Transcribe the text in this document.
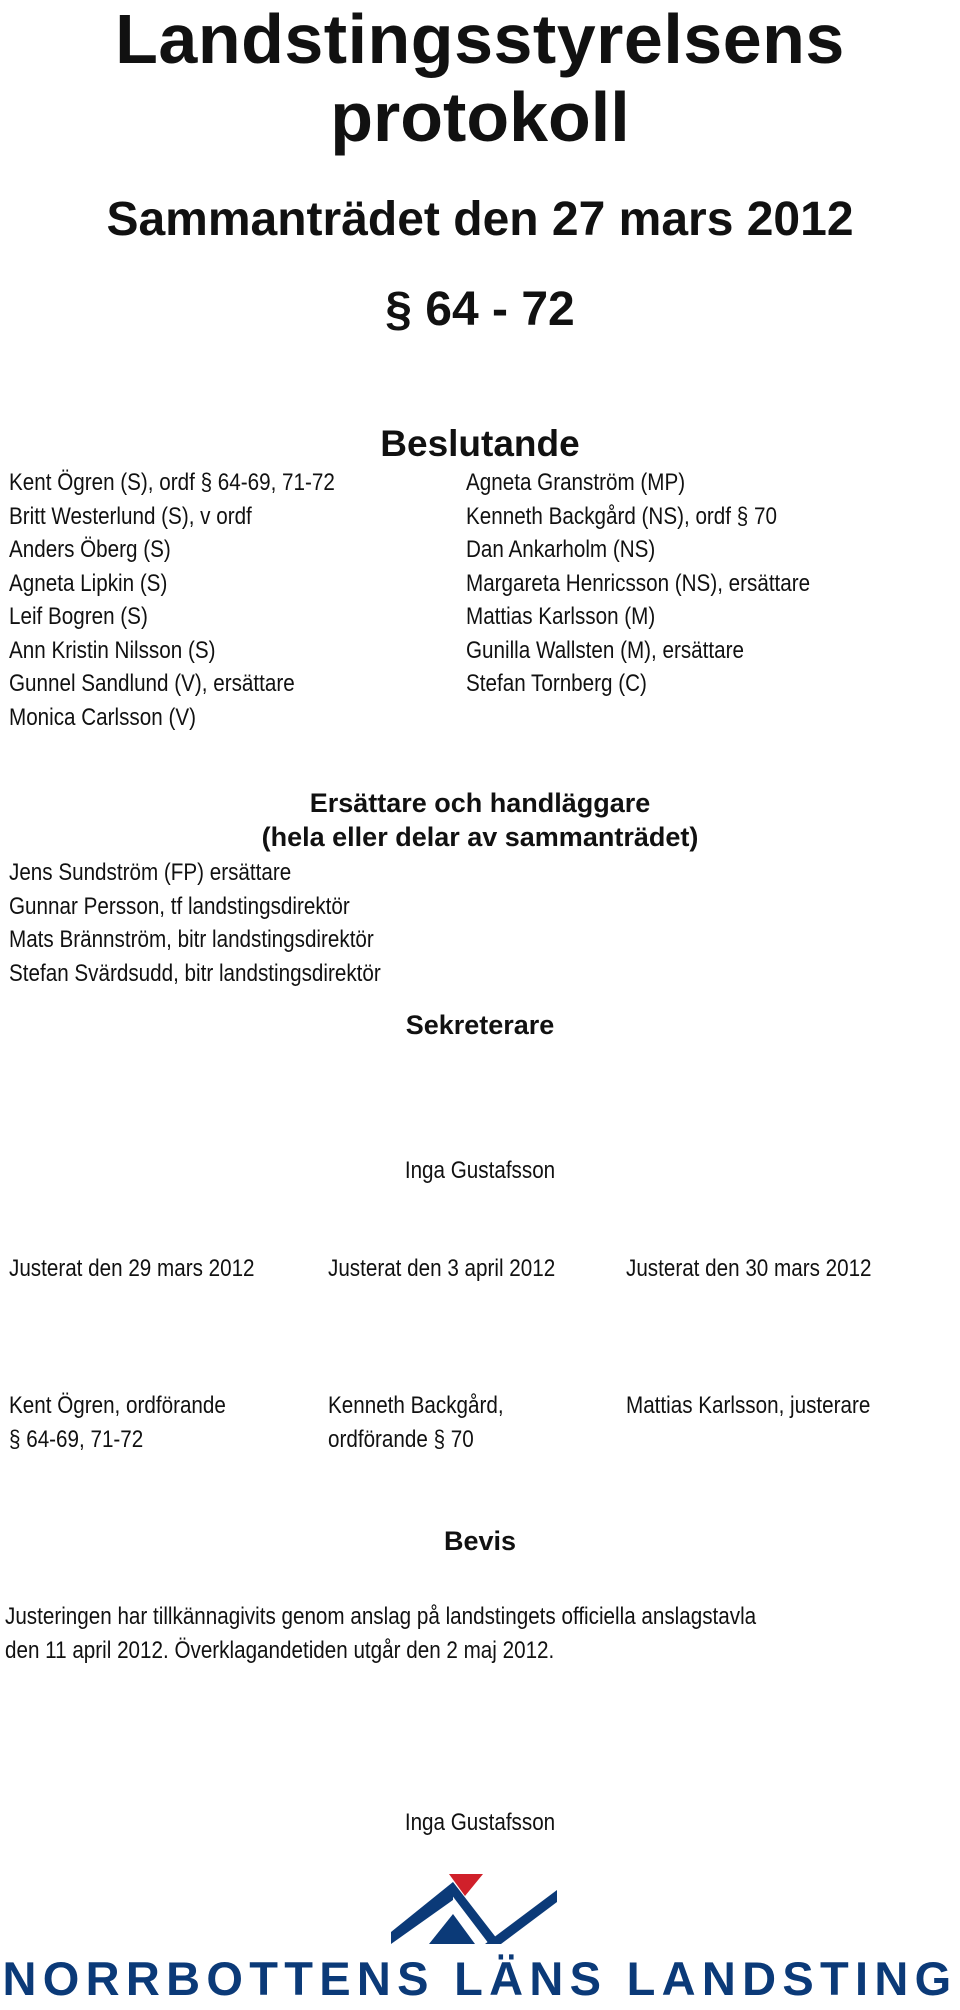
Landstingsstyrelsens
protokoll
Sammanträdet den 27 mars 2012
§ 64 - 72
Beslutande
Kent Ögren (S), ordf § 64-69, 71-72
Britt Westerlund (S), v ordf
Anders Öberg (S)
Agneta Lipkin (S)
Leif Bogren (S)
Ann Kristin Nilsson (S)
Gunnel Sandlund (V), ersättare
Monica Carlsson (V)
Agneta Granström (MP)
Kenneth Backgård (NS), ordf § 70
Dan Ankarholm (NS)
Margareta Henricsson (NS), ersättare
Mattias Karlsson (M)
Gunilla Wallsten (M), ersättare
Stefan Tornberg (C)
Ersättare och handläggare
(hela eller delar av sammanträdet)
Jens Sundström (FP) ersättare
Gunnar Persson, tf landstingsdirektör
Mats Brännström, bitr landstingsdirektör
Stefan Svärdsudd, bitr landstingsdirektör
Sekreterare
Inga Gustafsson
Justerat den 29 mars 2012	Justerat den 3 april 2012	Justerat den 30 mars 2012
Kent Ögren, ordförande
§ 64-69, 71-72
Kenneth Backgård,
ordförande § 70
Mattias Karlsson, justerare
Bevis
Justeringen har tillkännagivits genom anslag på landstingets officiella anslagstavla
den 11 april 2012. Överklagandetiden utgår den 2 maj 2012.
Inga Gustafsson
NORRBOTTENS LÄNS LANDSTING
